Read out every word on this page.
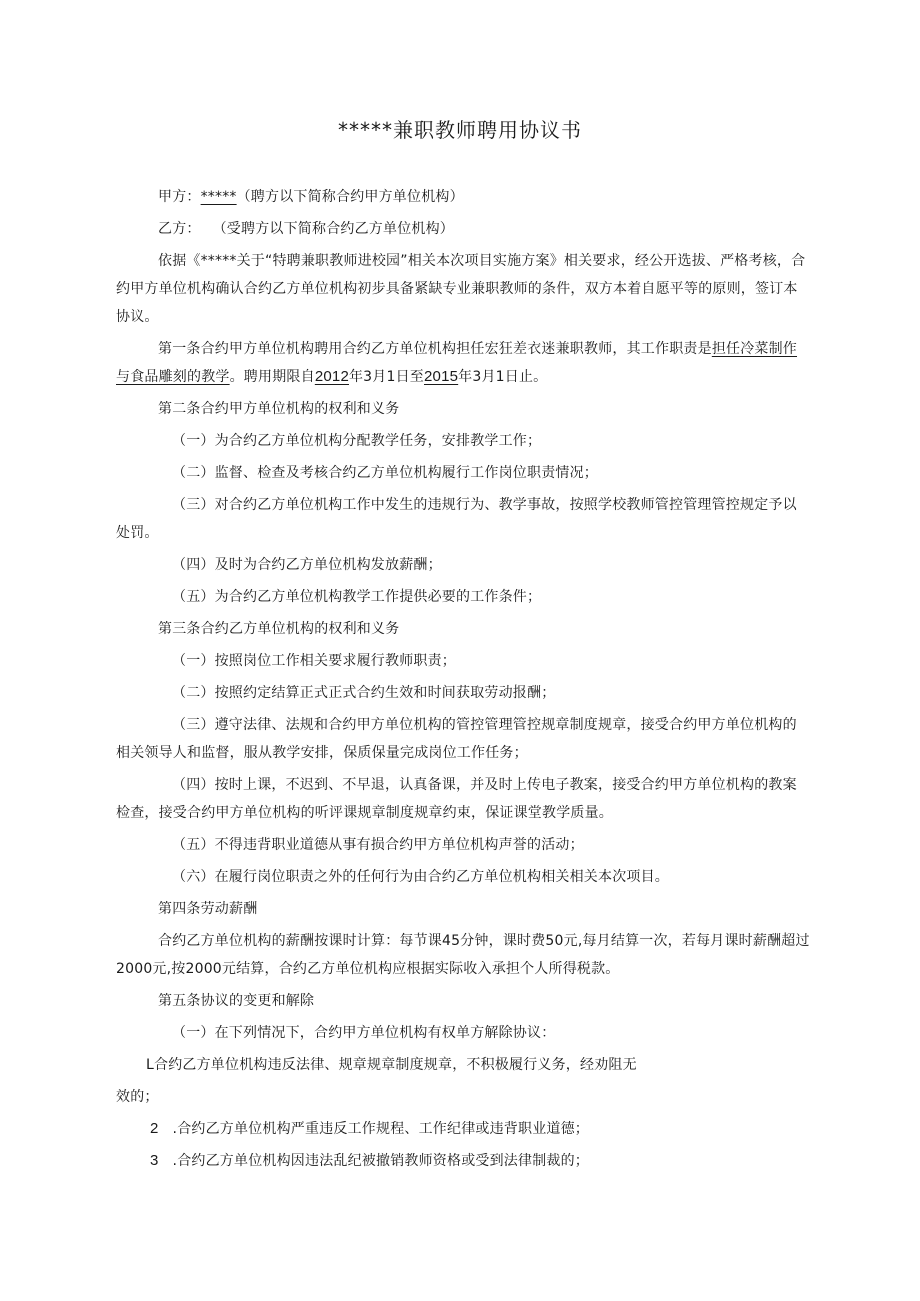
*****兼职教师聘用协议书

甲方：*****（聘方以下简称合约甲方单位机构）

乙方： （受聘方以下简称合约乙方单位机构）

依据《*****关于“特聘兼职教师进校园”相关本次项目实施方案》相关要求，经公开选拔、严格考核，合约甲方单位机构确认合约乙方单位机构初步具备紧缺专业兼职教师的条件，双方本着自愿平等的原则，签订本协议。

第一条合约甲方单位机构聘用合约乙方单位机构担任宏狂差衣迷兼职教师，其工作职责是担任冷菜制作与食品雕刻的教学。聘用期限自2012年3月1日至2015年3月1日止。

第二条合约甲方单位机构的权利和义务

（一）为合约乙方单位机构分配教学任务，安排教学工作；

（二）监督、检查及考核合约乙方单位机构履行工作岗位职责情况；

（三）对合约乙方单位机构工作中发生的违规行为、教学事故，按照学校教师管控管理管控规定予以处罚。

（四）及时为合约乙方单位机构发放薪酬；

（五）为合约乙方单位机构教学工作提供必要的工作条件；

第三条合约乙方单位机构的权利和义务

（一）按照岗位工作相关要求履行教师职责；

（二）按照约定结算正式正式合约生效和时间获取劳动报酬；

（三）遵守法律、法规和合约甲方单位机构的管控管理管控规章制度规章，接受合约甲方单位机构的相关领导人和监督，服从教学安排，保质保量完成岗位工作任务；

（四）按时上课，不迟到、不早退，认真备课，并及时上传电子教案，接受合约甲方单位机构的教案检查，接受合约甲方单位机构的听评课规章制度规章约束，保证课堂教学质量。

（五）不得违背职业道德从事有损合约甲方单位机构声誉的活动；

（六）在履行岗位职责之外的任何行为由合约乙方单位机构相关相关本次项目。

第四条劳动薪酬

合约乙方单位机构的薪酬按课时计算：每节课45分钟，课时费50元,每月结算一次，若每月课时薪酬超过2000元,按2000元结算，合约乙方单位机构应根据实际收入承担个人所得税款。

第五条协议的变更和解除

（一）在下列情况下，合约甲方单位机构有权单方解除协议：

L合约乙方单位机构违反法律、规章规章制度规章，不积极履行义务，经劝阻无

效的；

2 .合约乙方单位机构严重违反工作规程、工作纪律或违背职业道德；

3 .合约乙方单位机构因违法乱纪被撤销教师资格或受到法律制裁的；
